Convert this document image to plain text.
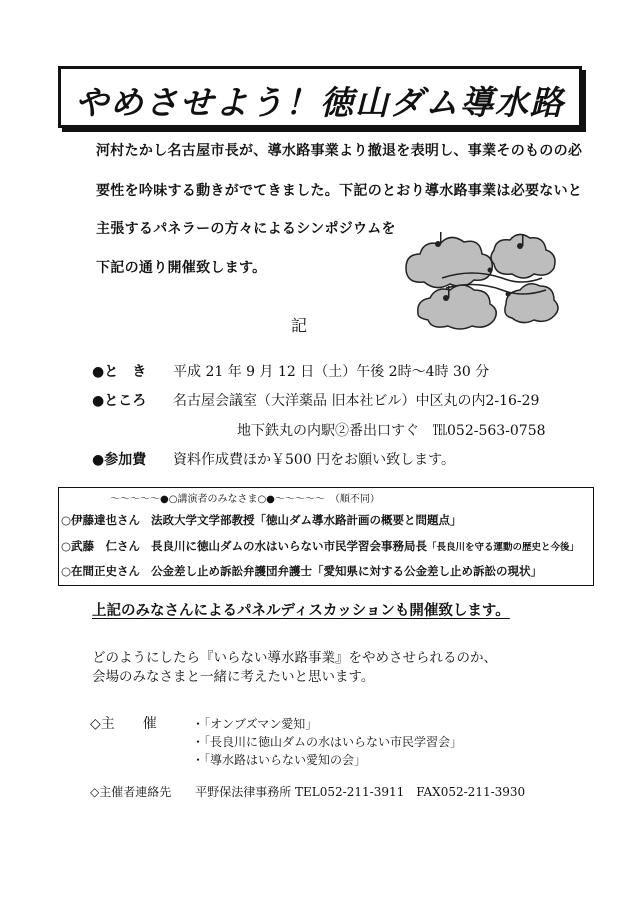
やめさせよう！徳山ダム導水路
河村たかし名古屋市長が、導水路事業より撤退を表明し、事業そのものの必
要性を吟味する動きがでてきました。下記のとおり導水路事業は必要ないと
主張するパネラーの方々によるシンポジウムを
下記の通り開催致します。
記
●と　き 平成 21 年 9 月 12 日（土）午後 2時〜4時 30 分
●ところ 名古屋会議室（大洋薬品 旧本社ビル）中区丸の内2-16-29
地下鉄丸の内駅②番出口すぐ　℡052-563-0758
●参加費 資料作成費ほか￥500 円をお願い致します。
〜〜〜〜〜●○講演者のみなさま○●〜〜〜〜〜　（順不同）
○伊藤達也さん 法政大学文学部教授「徳山ダム導水路計画の概要と問題点」
○武藤　仁さん 長良川に徳山ダムの水はいらない市民学習会事務局長「長良川を守る運動の歴史と今後」
○在間正史さん 公金差し止め訴訟弁護団弁護士「愛知県に対する公金差し止め訴訟の現状」
上記のみなさんによるパネルディスカッションも開催致します。
どのようにしたら『いらない導水路事業』をやめさせられるのか、
会場のみなさまと一緒に考えたいと思います。
◇主　　催	・「オンブズマン愛知」
・「長良川に徳山ダムの水はいらない市民学習会」
・「導水路はいらない愛知の会」
◇主催者連絡先　　平野保法律事務所 TEL052-211-3911　FAX052-211-3930
